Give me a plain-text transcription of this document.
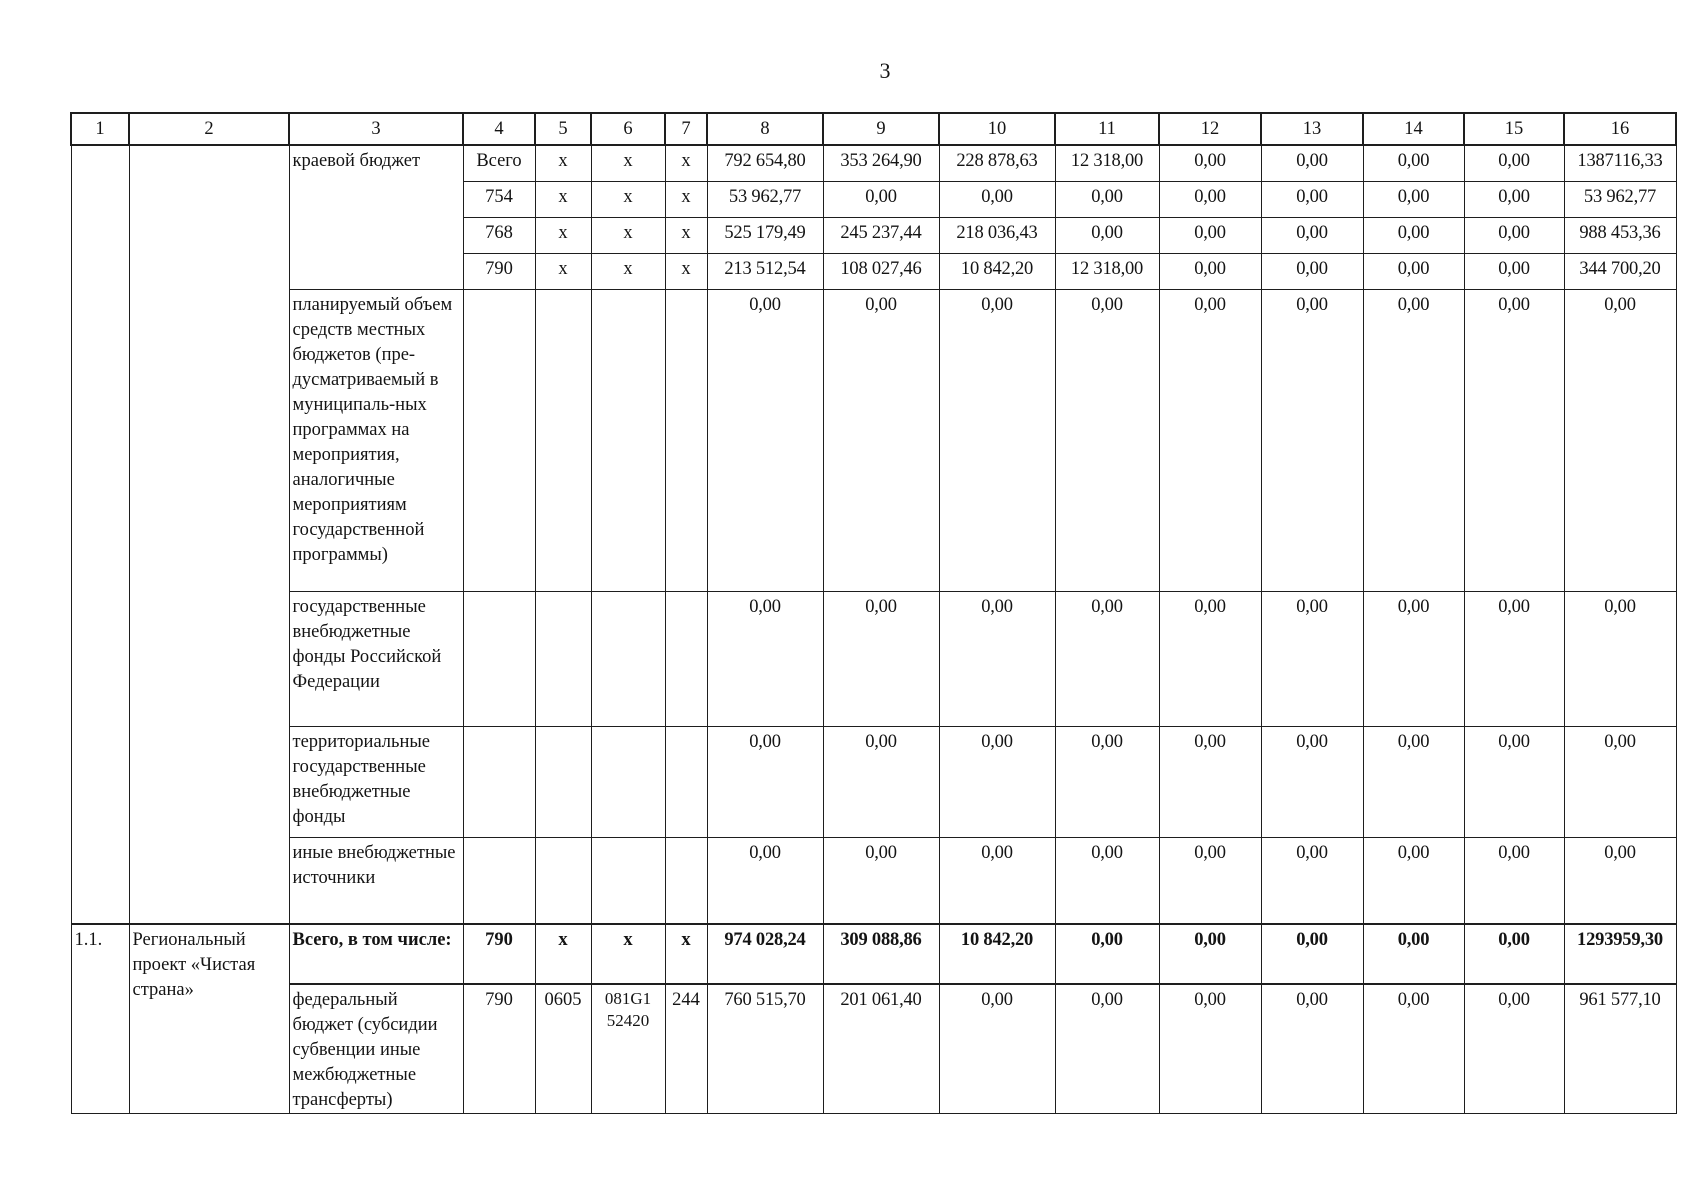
3
1	2	3	4	5	6	7	8	9	10	11	12	13	14	15	16
		краевой бюджет	Всего	х	х	х	792 654,80	353 264,90	228 878,63	12 318,00	0,00	0,00	0,00	0,00	1387116,33
			754	х	х	х	53 962,77	0,00	0,00	0,00	0,00	0,00	0,00	0,00	53 962,77
			768	х	х	х	525 179,49	245 237,44	218 036,43	0,00	0,00	0,00	0,00	0,00	988 453,36
			790	х	х	х	213 512,54	108 027,46	10 842,20	12 318,00	0,00	0,00	0,00	0,00	344 700,20
		планируемый объем средств местных бюджетов (пре-дусматриваемый в муниципаль-ных программах на мероприятия, аналогичные мероприятиям государственной программы)					0,00	0,00	0,00	0,00	0,00	0,00	0,00	0,00	0,00
		государственные внебюджетные фонды Российской Федерации					0,00	0,00	0,00	0,00	0,00	0,00	0,00	0,00	0,00
		территориальные государственные внебюджетные фонды					0,00	0,00	0,00	0,00	0,00	0,00	0,00	0,00	0,00
		иные внебюджетные источники					0,00	0,00	0,00	0,00	0,00	0,00	0,00	0,00	0,00
1.1.	Региональный проект «Чистая страна»	Всего, в том числе:	790	х	х	х	974 028,24	309 088,86	10 842,20	0,00	0,00	0,00	0,00	0,00	1293959,30
		федеральный бюджет (субсидии субвенции иные межбюджетные трансферты)	790	0605	081G1 52420	244	760 515,70	201 061,40	0,00	0,00	0,00	0,00	0,00	0,00	961 577,10
